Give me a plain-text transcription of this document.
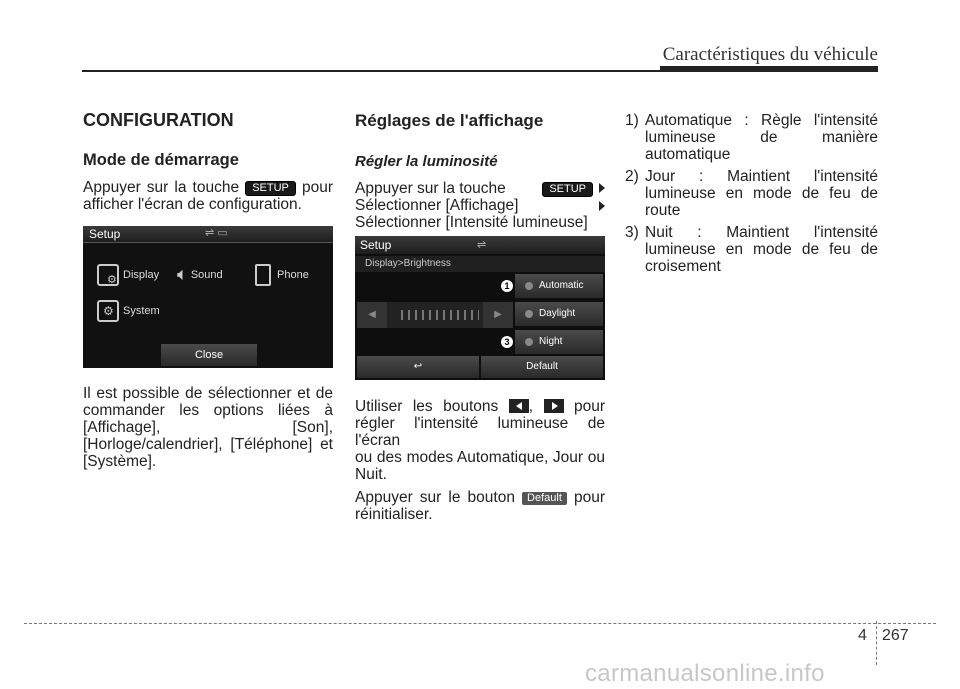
Caractéristiques du véhicule
CONFIGURATION
Mode de démarrage
Appuyer sur la touche SETUP pour
afficher l'écran de configuration.
Setup	⇌ ▭
⚙ Display 🔈︎ Sound	Phone
⚙ System
Close
Il est possible de sélectionner et de
commander les options liées à
[Affichage],	[Son],
[Horloge/calendrier], [Téléphone] et
[Système].
Réglages de l'affichage
Régler la luminosité
Appuyer sur la touche	SETUP
Sélectionner [Affichage]
Sélectionner [Intensité lumineuse]
Setup	⇌
Display>Brightness
1	Automatic
Daylight
3	Night
◀	▶
↩	Default
Utiliser les boutons ,	pour
régler l'intensité lumineuse de l'écran
ou des modes Automatique, Jour ou
Nuit.
Appuyer sur le bouton Default pour
réinitialiser.
1) Automatique : Règle l'intensité lumineuse de manière automatique
2) Jour : Maintient l'intensité lumineuse en mode de feu de route
3) Nuit : Maintient l'intensité lumineuse en mode de feu de croisement
4 267
carmanualsonline.info
